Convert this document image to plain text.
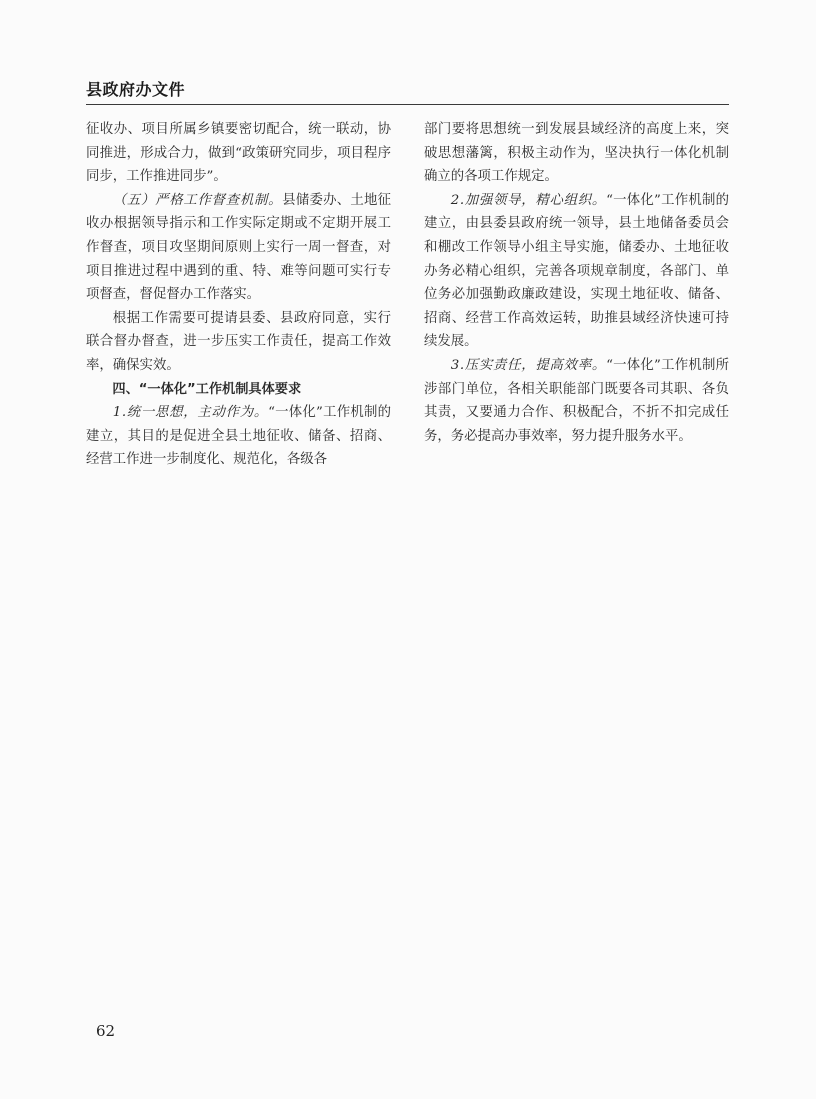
县政府办文件

征收办、项目所属乡镇要密切配合，统一联动，协同推进，形成合力，做到“政策研究同步，项目程序同步，工作推进同步”。

（五）严格工作督查机制。县储委办、土地征收办根据领导指示和工作实际定期或不定期开展工作督查，项目攻坚期间原则上实行一周一督查，对项目推进过程中遇到的重、特、难等问题可实行专项督查，督促督办工作落实。

根据工作需要可提请县委、县政府同意，实行联合督办督查，进一步压实工作责任，提高工作效率，确保实效。

四、“一体化”工作机制具体要求

1.统一思想，主动作为。“一体化”工作机制的建立，其目的是促进全县土地征收、储备、招商、经营工作进一步制度化、规范化，各级各

部门要将思想统一到发展县域经济的高度上来，突破思想藩篱，积极主动作为，坚决执行一体化机制确立的各项工作规定。

2.加强领导，精心组织。“一体化”工作机制的建立，由县委县政府统一领导，县土地储备委员会和棚改工作领导小组主导实施，储委办、土地征收办务必精心组织，完善各项规章制度，各部门、单位务必加强勤政廉政建设，实现土地征收、储备、招商、经营工作高效运转，助推县域经济快速可持续发展。

3.压实责任，提高效率。“一体化”工作机制所涉部门单位，各相关职能部门既要各司其职、各负其责，又要通力合作、积极配合，不折不扣完成任务，务必提高办事效率，努力提升服务水平。

62
